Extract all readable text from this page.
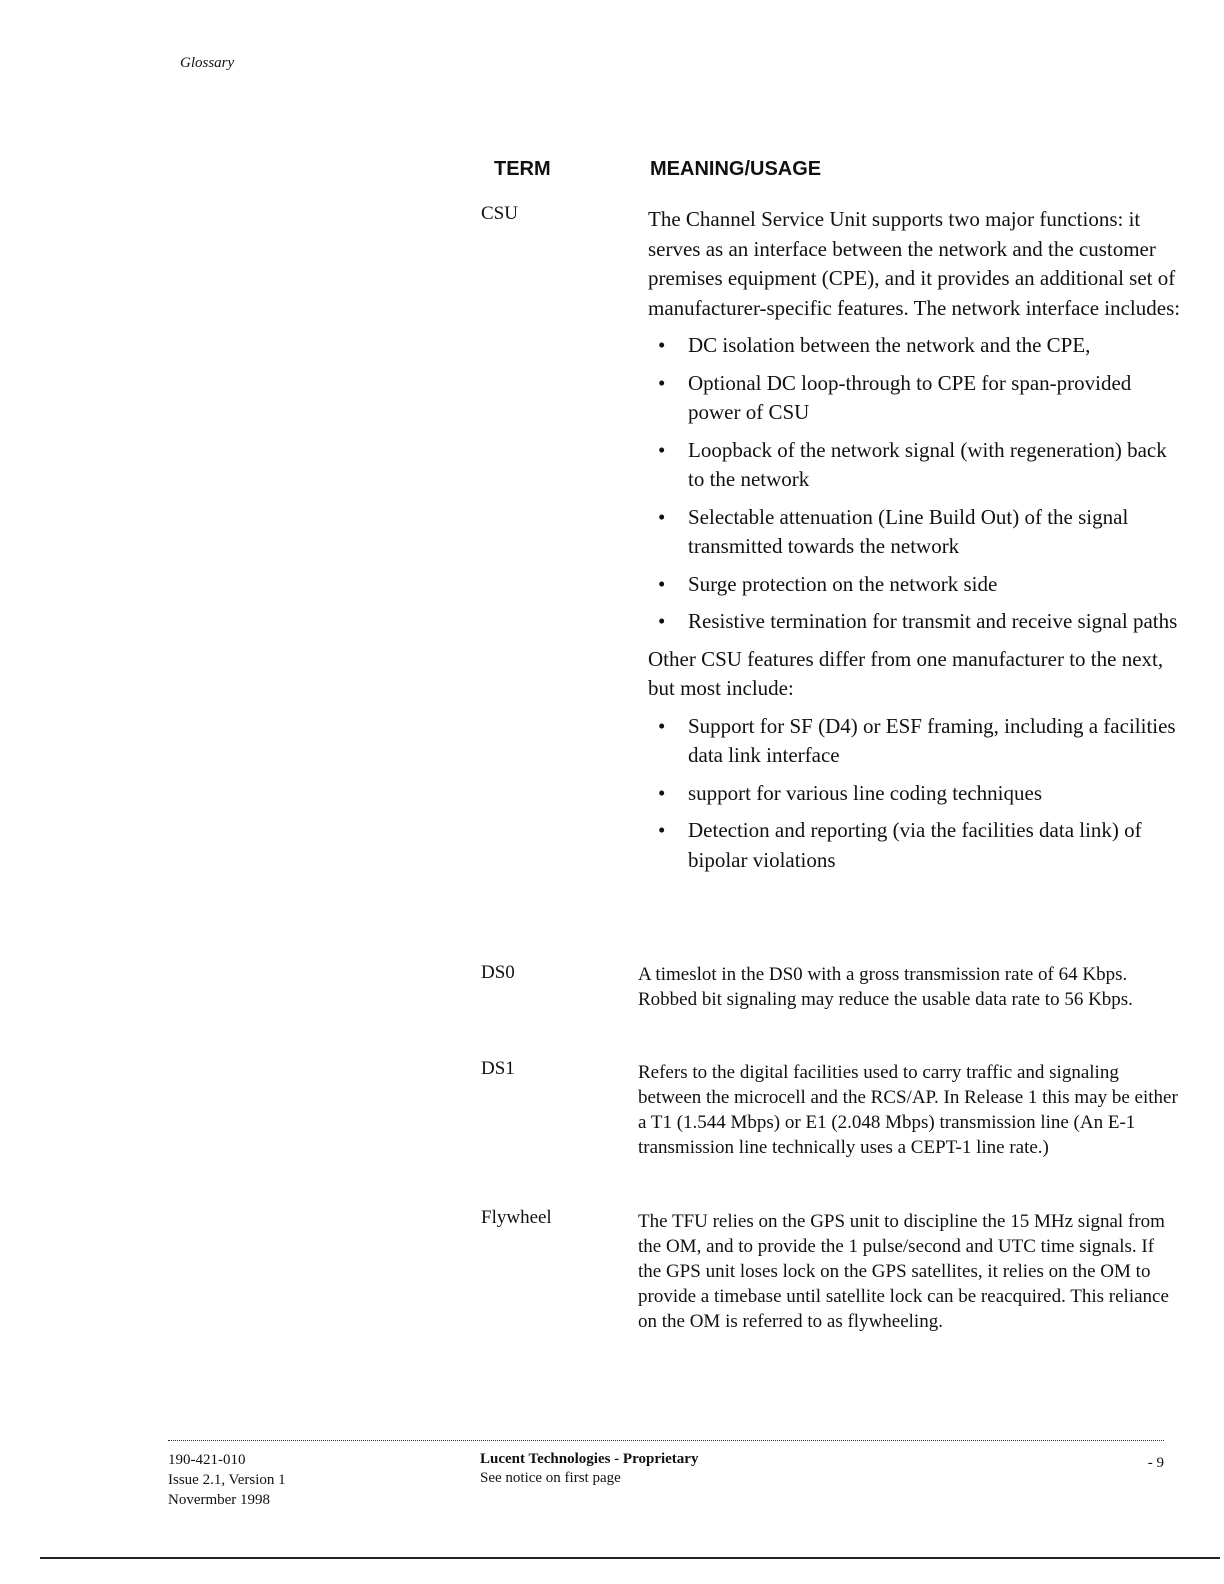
Glossary
TERM	MEANING/USAGE
CSU	The Channel Service Unit supports two major functions: it serves as an interface between the network and the customer premises equipment (CPE), and it provides an additional set of manufacturer-specific features. The network interface includes:

• DC isolation between the network and the CPE,
• Optional DC loop-through to CPE for span-provided power of CSU
• Loopback of the network signal (with regeneration) back to the network
• Selectable attenuation (Line Build Out) of the signal transmitted towards the network
• Surge protection on the network side
• Resistive termination for transmit and receive signal paths

Other CSU features differ from one manufacturer to the next, but most include:

• Support for SF (D4) or ESF framing, including a facilities data link interface
• support for various line coding techniques
• Detection and reporting (via the facilities data link) of bipolar violations
DS0	A timeslot in the DS0 with a gross transmission rate of 64 Kbps. Robbed bit signaling may reduce the usable data rate to 56 Kbps.
DS1	Refers to the digital facilities used to carry traffic and signaling between the microcell and the RCS/AP. In Release 1 this may be either a T1 (1.544 Mbps) or E1 (2.048 Mbps) transmission line (An E-1 transmission line technically uses a CEPT-1 line rate.)
Flywheel	The TFU relies on the GPS unit to discipline the 15 MHz signal from the OM, and to provide the 1 pulse/second and UTC time signals. If the GPS unit loses lock on the GPS satellites, it relies on the OM to provide a timebase until satellite lock can be reacquired. This reliance on the OM is referred to as flywheeling.
190-421-010
Issue 2.1, Version 1
Novermber 1998
Lucent Technologies - Proprietary
See notice on first page
- 9
